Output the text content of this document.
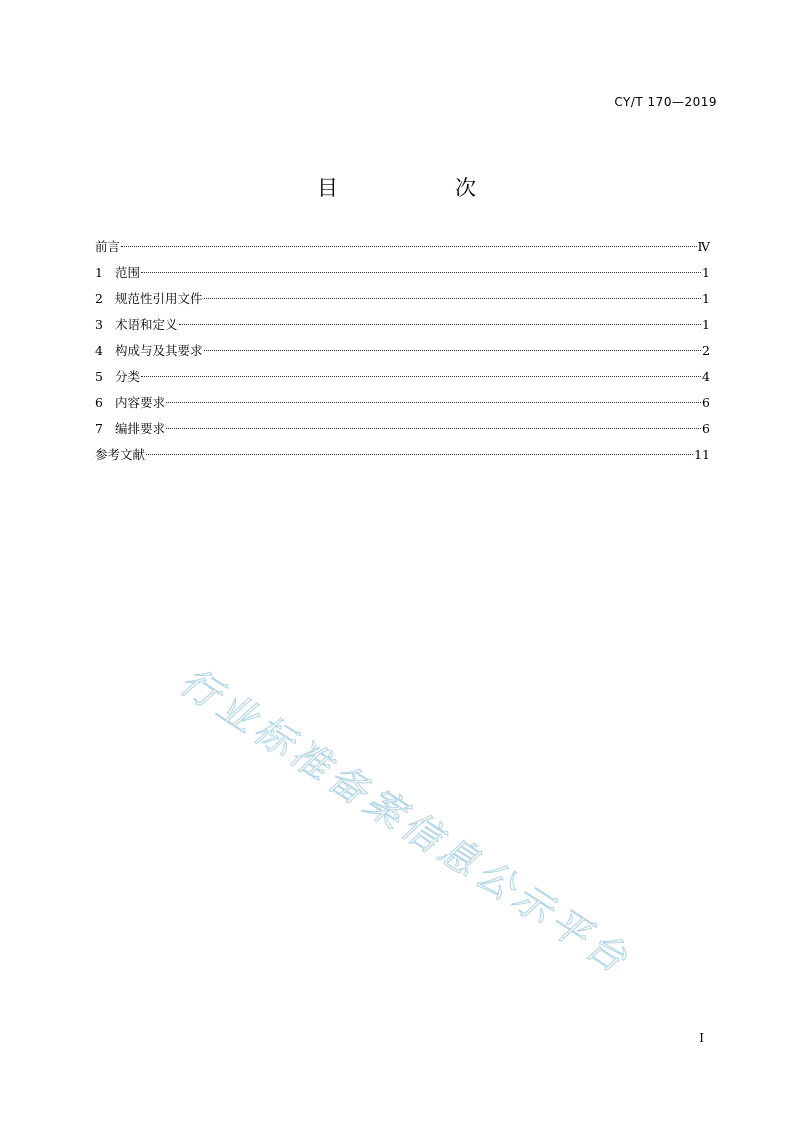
CY/T 170—2019
目　次
前言	Ⅳ
1 范围	1
2 规范性引用文件	1
3 术语和定义	1
4 构成与及其要求	2
5 分类	4
6 内容要求	6
7 编排要求	6
参考文献	11
行业标准备案信息公示平台
I
